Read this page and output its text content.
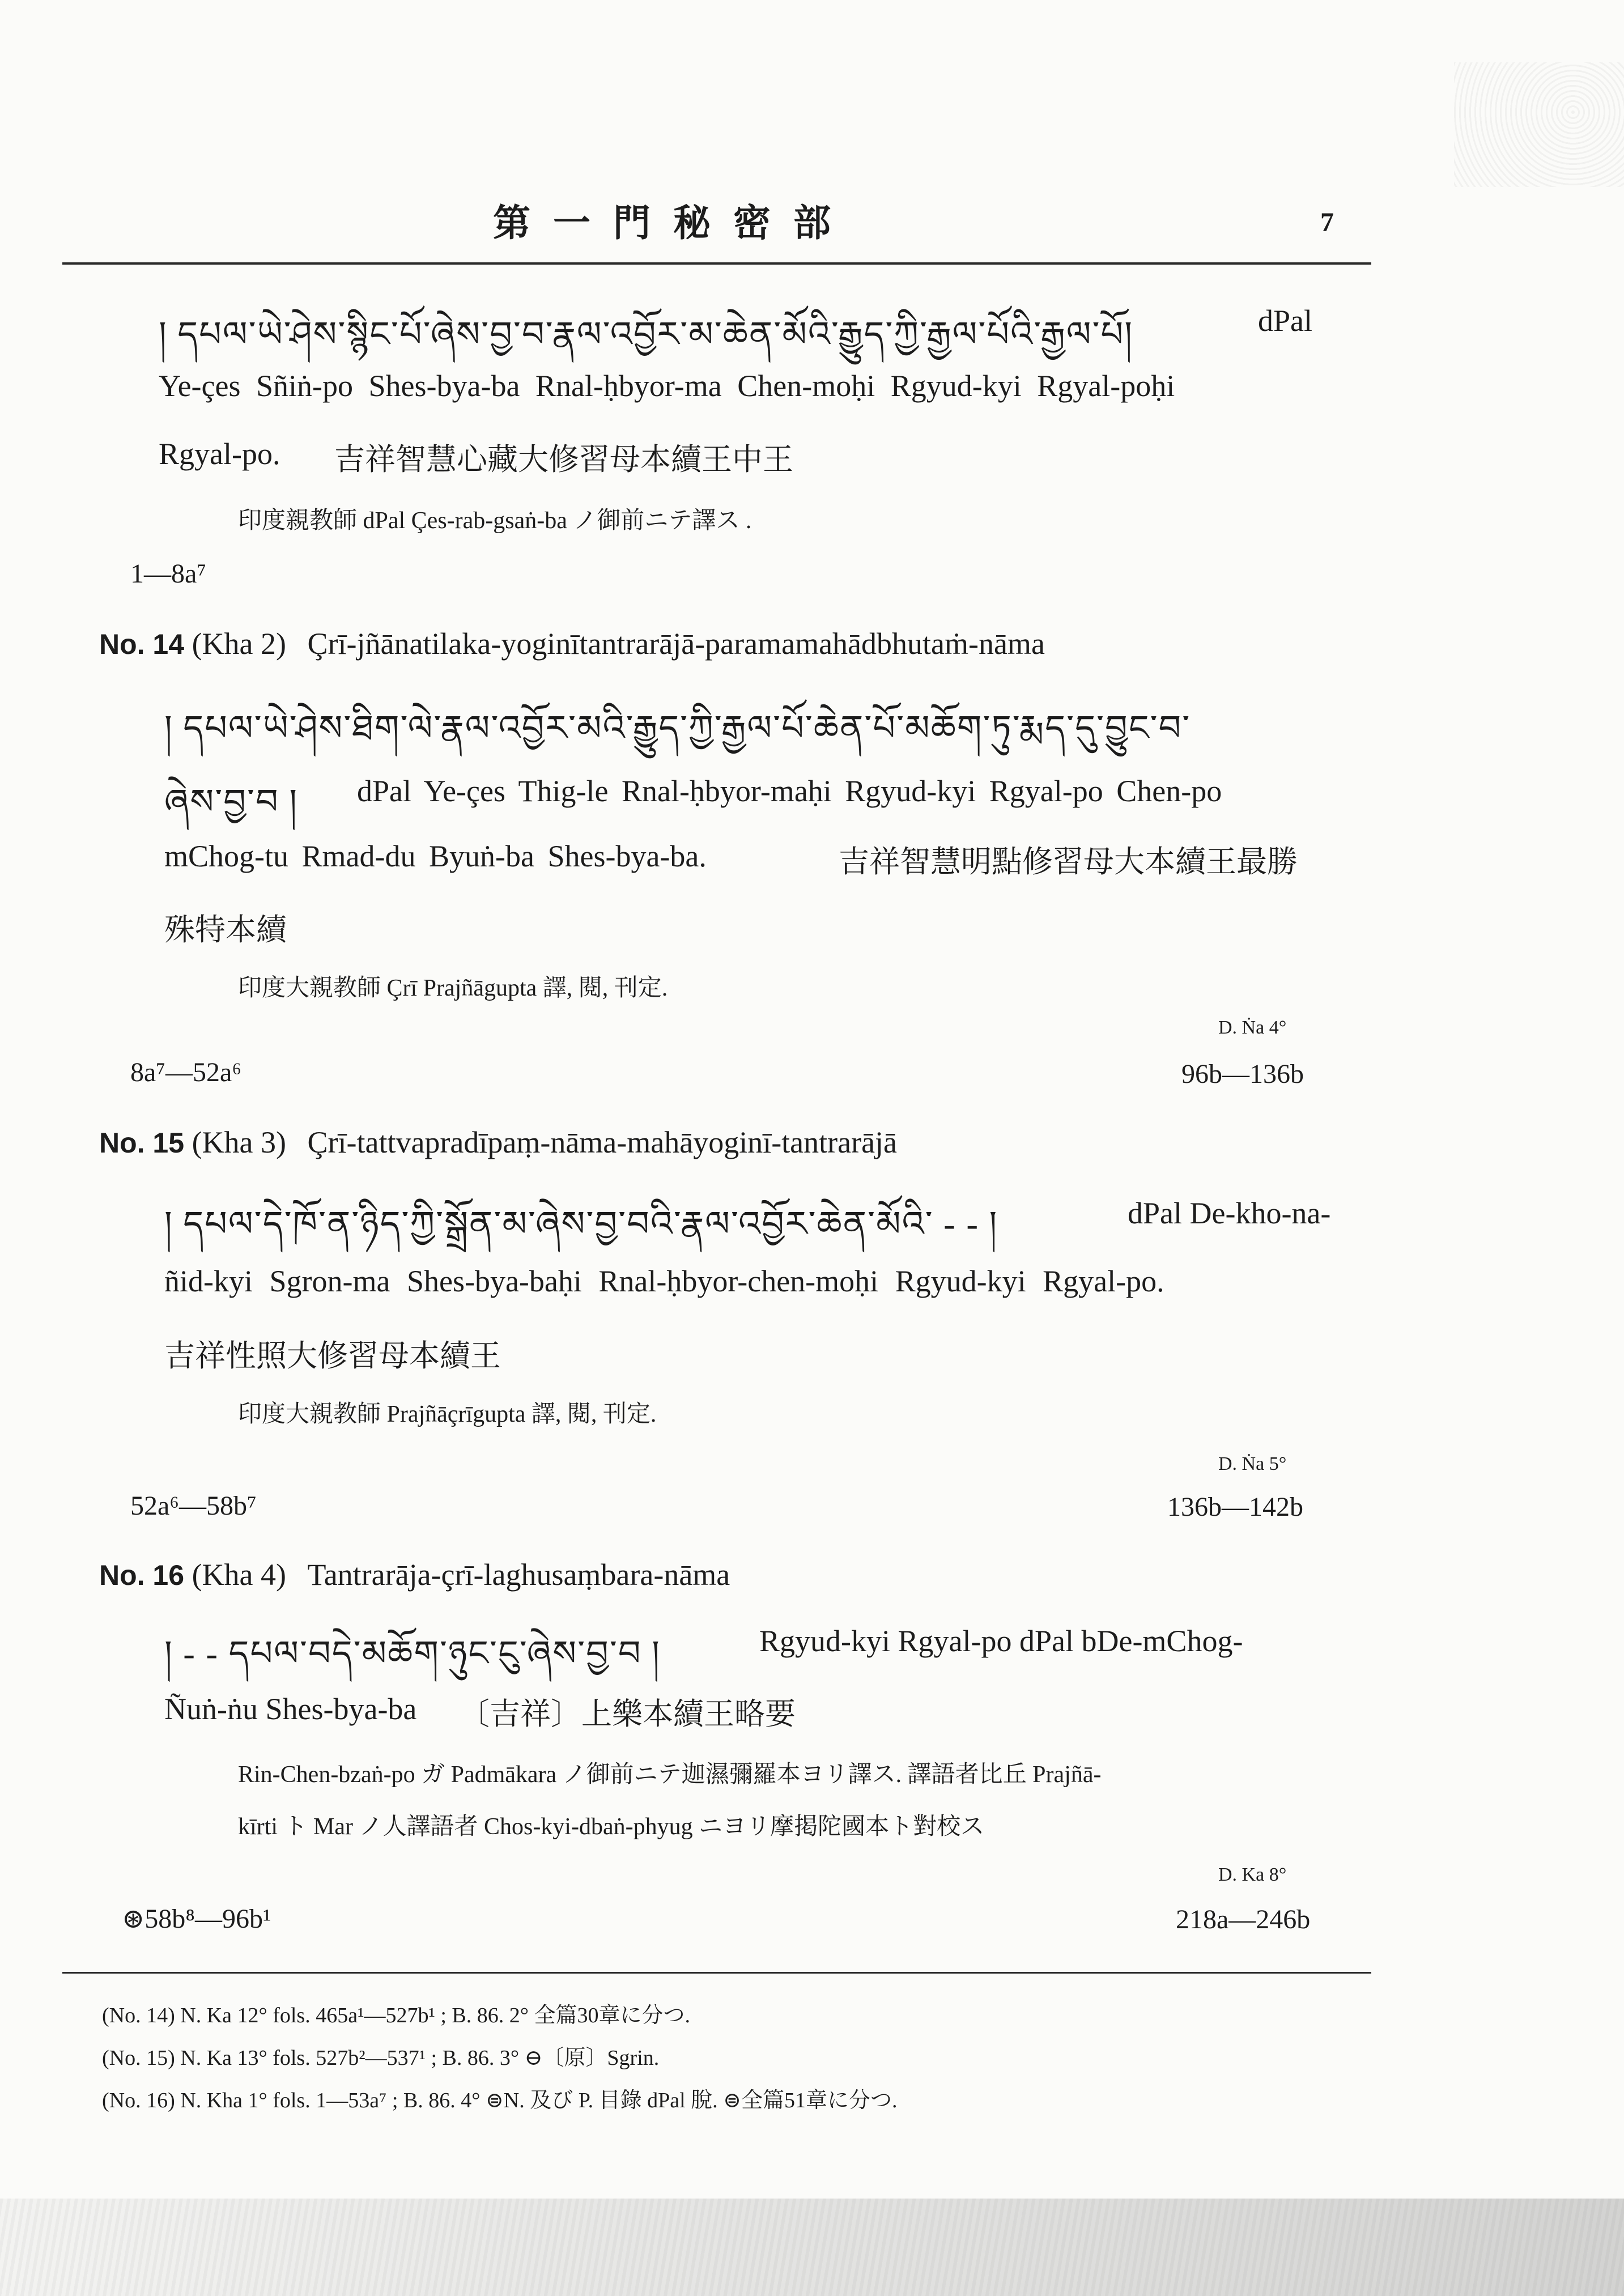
第一門秘密部	7
། དཔལ་ཡེ་ཤེས་སྙིང་པོ་ཞེས་བྱ་བ་རྣལ་འབྱོར་མ་ཆེན་མོའི་རྒྱུད་ཀྱི་རྒྱལ་པོའི་རྒྱལ་པོ།	dPal
Ye-çes Sñiṅ-po Shes-bya-ba Rnal-ḥbyor-ma Chen-moḥi Rgyud-kyi Rgyal-poḥi
Rgyal-po. 吉祥智慧心藏大修習母本續王中王
印度親教師 dPal Çes-rab-gsaṅ-ba ノ御前ニテ譯ス .
1—8a⁷
No. 14 (Kha 2) Çrī-jñānatilaka-yoginītantrarājā-paramamahādbhutaṁ-nāma
། དཔལ་ཡེ་ཤེས་ཐིག་ལེ་རྣལ་འབྱོར་མའི་རྒྱུད་ཀྱི་རྒྱལ་པོ་ཆེན་པོ་མཆོག་ཏུ་རྨད་དུ་བྱུང་བ་
ཞེས་བྱ་བ ། dPal Ye-çes Thig-le Rnal-ḥbyor-maḥi Rgyud-kyi Rgyal-po Chen-po
mChog-tu Rmad-du Byuṅ-ba Shes-bya-ba.	吉祥智慧明點修習母大本續王最勝
殊特本續
印度大親教師 Çrī Prajñāgupta 譯, 閱, 刊定.
D. Ṅa 4°
8a⁷—52a⁶	96b—136b
No. 15 (Kha 3) Çrī-tattvapradīpaṃ-nāma-mahāyoginī-tantrarājā
། དཔལ་དེ་ཁོ་ན་ཉིད་ཀྱི་སྒྲོན་མ་ཞེས་བྱ་བའི་རྣལ་འབྱོར་ཆེན་མོའི་ - - །	dPal De-kho-na-
ñid-kyi Sgron-ma Shes-bya-baḥi Rnal-ḥbyor-chen-moḥi Rgyud-kyi Rgyal-po.
吉祥性照大修習母本續王
印度大親教師 Prajñāçrīgupta 譯, 閱, 刊定.
D. Ṅa 5°
52a⁶—58b⁷	136b—142b
No. 16 (Kha 4) Tantrarāja-çrī-laghusaṃbara-nāma
། - - དཔལ་བདེ་མཆོག་ཉུང་ངུ་ཞེས་བྱ་བ །	Rgyud-kyi Rgyal-po dPal bDe-mChog-
Ñuṅ-ṅu Shes-bya-ba 〔吉祥〕上樂本續王略要
Rin-Chen-bzaṅ-po ガ Padmākara ノ御前ニテ迦濕彌羅本ヨリ譯ス. 譯語者比丘 Prajñā-
kīrti ト Mar ノ人譯語者 Chos-kyi-dbaṅ-phyug ニヨリ摩掲陀國本ト對校ス
D. Ka 8°
⊛58b⁸—96b¹	218a—246b
(No. 14) N. Ka 12° fols. 465a¹—527b¹ ; B. 86. 2° 全篇30章に分つ.
(No. 15) N. Ka 13° fols. 527b²—537¹ ; B. 86. 3° ⊖〔原〕Sgrin.
(No. 16) N. Kha 1° fols. 1—53a⁷ ; B. 86. 4° ⊜N. 及び P. 目錄 dPal 脫. ⊜全篇51章に分つ.
